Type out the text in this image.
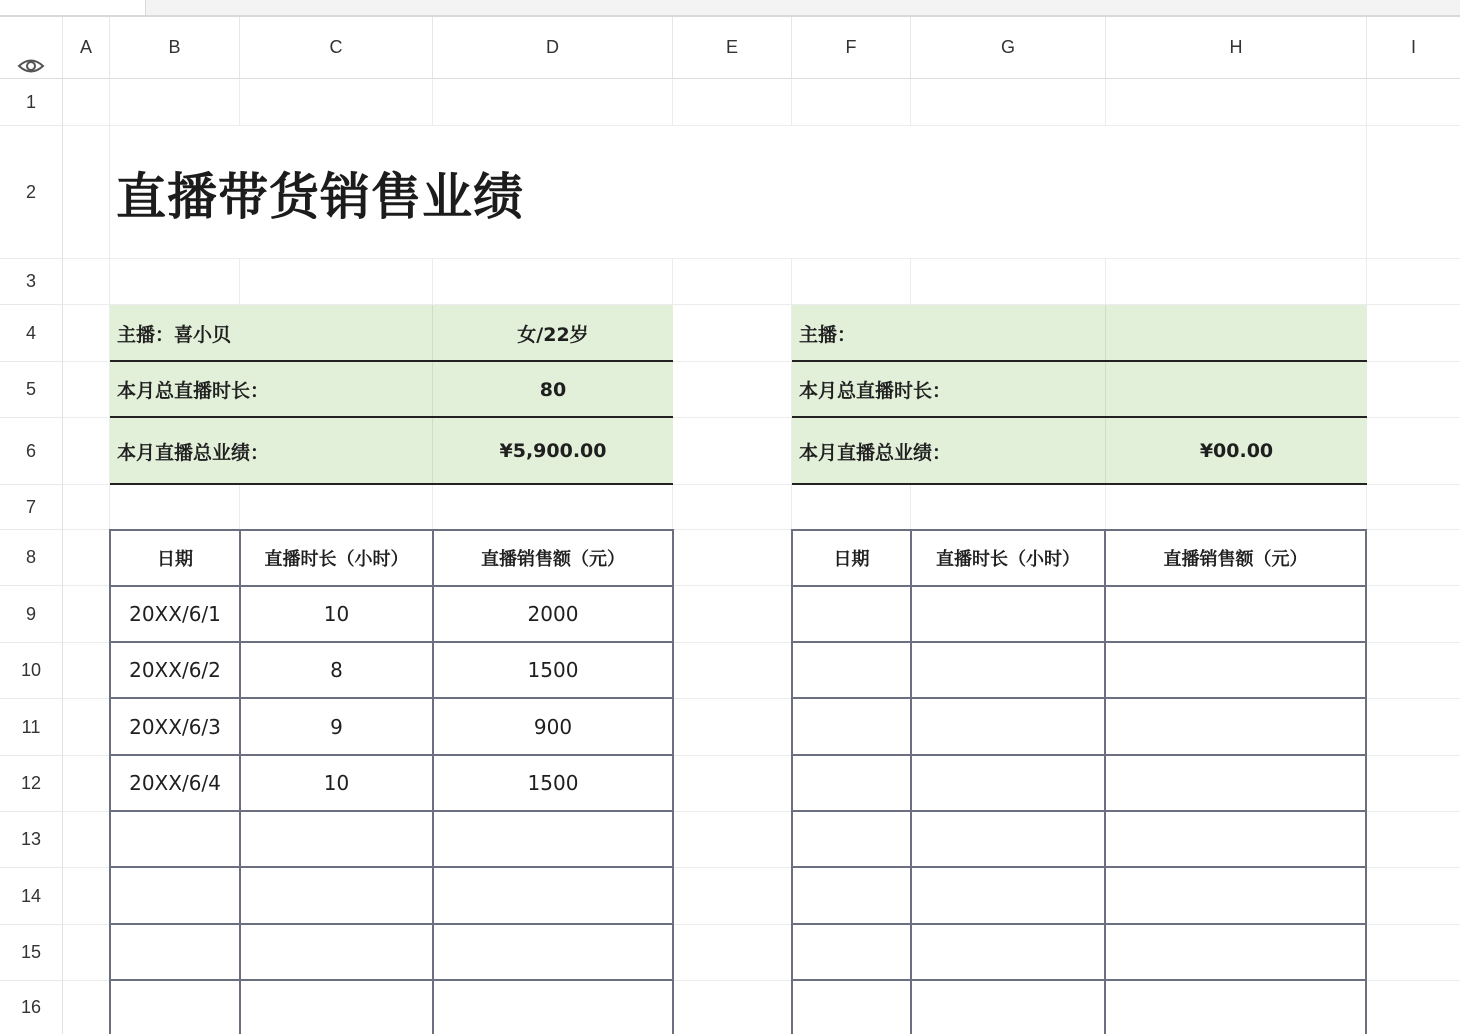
A	B	C	D	E	F	G	H	I
1
2
3
4
5
6
7
8
9
10
11
12
13
14
15
16
直播带货销售业绩
主播：喜小贝	女/22岁
本月总直播时长：	80
本月直播总业绩：	¥5,900.00
主播：
本月总直播时长：
本月直播总业绩：	¥00.00
日期	直播时长（小时）	直播销售额（元）
20XX/6/1	10	2000
20XX/6/2	8	1500
20XX/6/3	9	900
20XX/6/4	10	1500
日期	直播时长（小时）	直播销售额（元）
